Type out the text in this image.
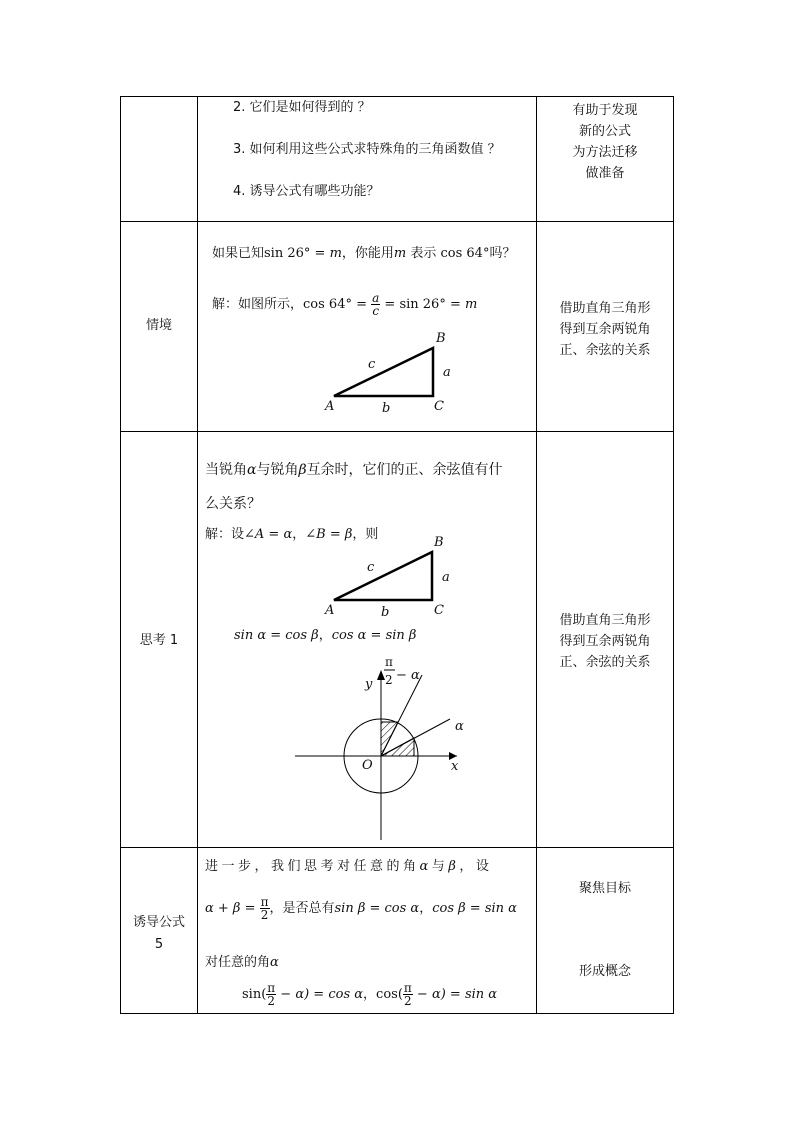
2. 它们是如何得到的 ？
3. 如何利用这些公式求特殊角的三角函数值 ？
4. 诱导公式有哪些功能？
有助于发现
新的公式
为方法迁移
做准备
情境
如果已知sin 26° = m，你能用m 表示 cos 64°吗？
解：如图所示，$\cos 64^\circ = \frac{a}{c} = \sin 26^\circ = m$
B
A	C
a
b
c
借助直角三角形
得到互余两锐角
正、余弦的关系
思考 1
当锐角α与锐角β互余时，它们的正、余弦值有什
么关系？
解：设∠A = α，∠B = β，则
B
A	C
a
b
c
sin α = cos β，cos α = sin β
y
x
O
π
2 − α
α
借助直角三角形
得到互余两锐角
正、余弦的关系
诱导公式
5
进一步，我们思考对任意的角α与β，设
$\alpha + \beta = \frac{\pi}{2}$ ，是否总有sin β = cos α，cos β = sin α
对任意的角α
$\sin( \frac{\pi}{2} - \alpha) = \cos \alpha$，$\cos( \frac{\pi}{2} - \alpha) = \sin \alpha$
聚焦目标
形成概念
